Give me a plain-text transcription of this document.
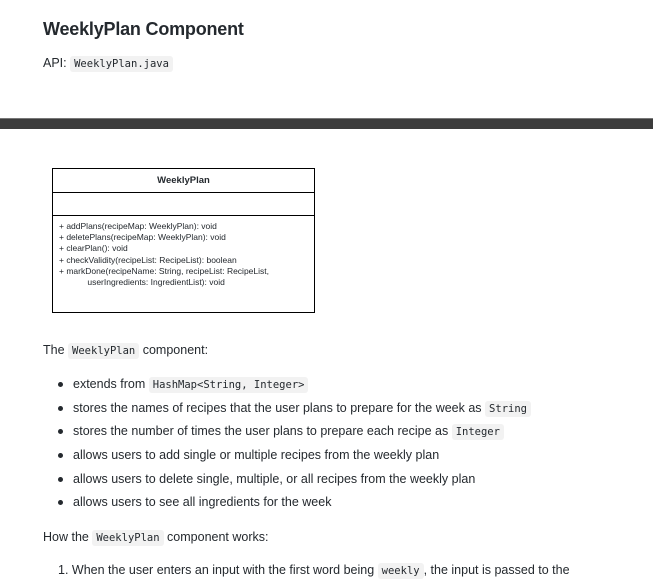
WeeklyPlan Component
API: WeeklyPlan.java
WeeklyPlan
+ addPlans(recipeMap: WeeklyPlan): void
+ deletePlans(recipeMap: WeeklyPlan): void
+ clearPlan(): void
+ checkValidity(recipeList: RecipeList): boolean
+ markDone(recipeName: String, recipeList: RecipeList,
userIngredients: IngredientList): void
The WeeklyPlan component:
extends from HashMap<String, Integer>
stores the names of recipes that the user plans to prepare for the week as String
stores the number of times the user plans to prepare each recipe as Integer
allows users to add single or multiple recipes from the weekly plan
allows users to delete single, multiple, or all recipes from the weekly plan
allows users to see all ingredients for the week
How the WeeklyPlan component works:
1. When the user enters an input with the first word being weekly , the input is passed to the
